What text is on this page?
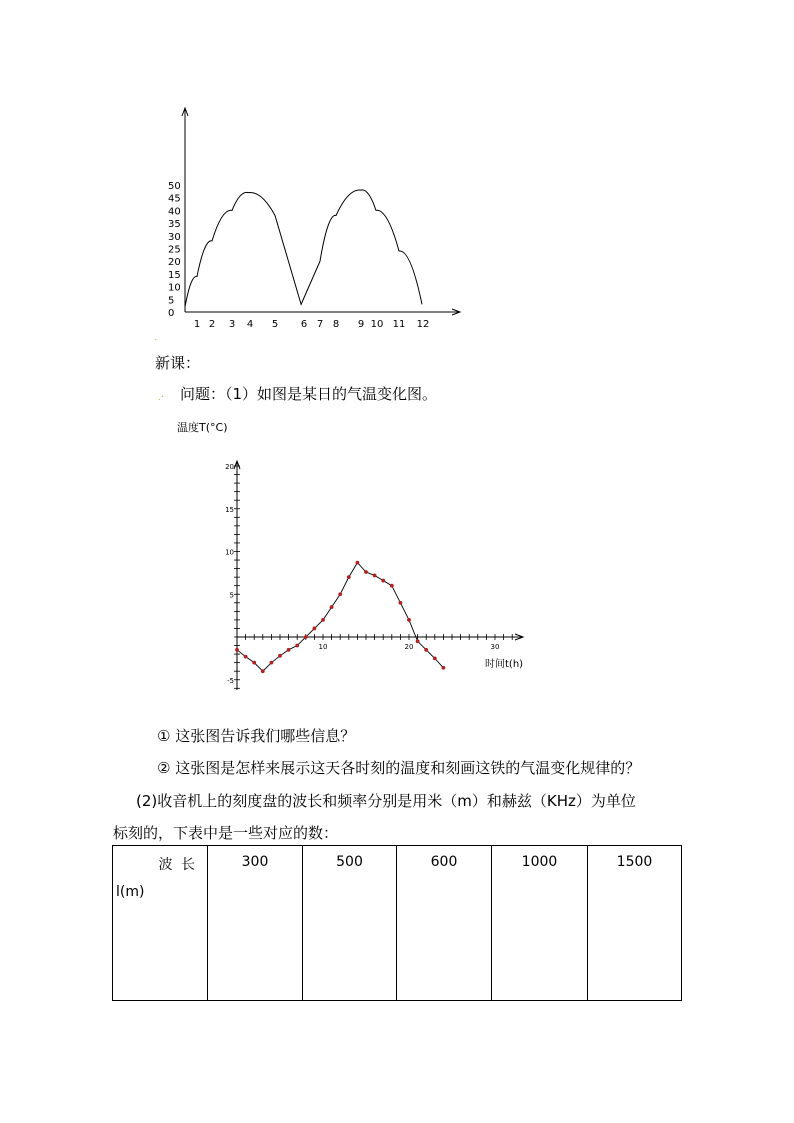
0
5
10
15
20
25
30
35
40
45
50
1 2 3 4 5 6 7 8 9 10 11 12
.
新课：
. 问题：（1）如图是某日的气温变化图。
.
温度T(°C)
10	20	30
-5
5
10
15
20
时间t(h)
① 这张图告诉我们哪些信息？
② 这张图是怎样来展示这天各时刻的温度和刻画这铁的气温变化规律的？
(2)收音机上的刻度盘的波长和频率分别是用米（m）和赫兹（KHz）为单位
标刻的，下表中是一些对应的数：
波 长
l(m)

300	500	600	1000	1500
